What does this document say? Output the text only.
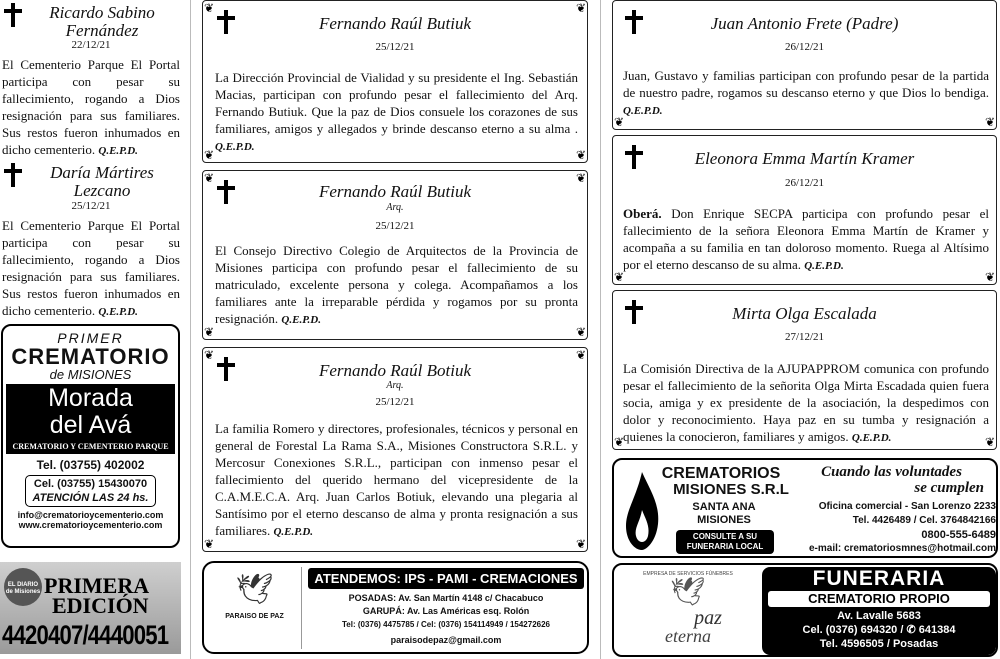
Ricardo Sabino
Fernández
22/12/21
El Cementerio Parque El Portal participa con pesar su fallecimiento, rogando a Dios resignación para sus familiares. Sus restos fueron inhumados en dicho cementerio. Q.E.P.D.
Daría Mártires
Lezcano
25/12/21
El Cementerio Parque El Portal participa con pesar su fallecimiento, rogando a Dios resignación para sus familiares. Sus restos fueron inhumados en dicho cementerio. Q.E.P.D.
PRIMER
CREMATORIO
de MISIONES
Morada
del Avá
CREMATORIO Y CEMENTERIO PARQUE
Tel. (03755) 402002
Cel. (03755) 15430070
ATENCIÓN LAS 24 hs.
info@crematorioycementerio.com
www.crematorioycementerio.com
EL DIARIO de Misiones PRIMERA
EDICIÓN
4420407/4440051
❦	❦
❦	❦
Fernando Raúl Butiuk
25/12/21
La Dirección Provincial de Vialidad y su presidente el Ing. Sebastián Macias, participan con profundo pesar el fallecimiento del Arq. Fernando Butiuk. Que la paz de Dios consuele los corazones de sus familiares, amigos y allegados y brinde descanso eterno a su alma . Q.E.P.D.
❦	❦
❦	❦
Fernando Raúl Butiuk
Arq.
25/12/21
El Consejo Directivo Colegio de Arquitectos de la Provincia de Misiones participa con profundo pesar el fallecimiento de su matriculado, excelente persona y colega. Acompañamos a los familiares ante la irreparable pérdida y rogamos por su pronta resignación. Q.E.P.D.
❦	❦
❦	❦
Fernando Raúl Botiuk
Arq.
25/12/21
La familia Romero y directores, profesionales, técnicos y personal en general de Forestal La Rama S.A., Misiones Constructora S.R.L. y Mercosur Conexiones S.R.L., participan con inmenso pesar el fallecimiento del querido hermano del vicepresidente de la C.A.M.E.C.A. Arq. Juan Carlos Botiuk, elevando una plegaria al Santísimo por el eterno descanso de alma y pronta resignación a sus familiares. Q.E.P.D.
🕊
PARAISO DE PAZ
ATENDEMOS: IPS - PAMI - CREMACIONES
POSADAS: Av. San Martín 4148 c/ Chacabuco
GARUPÁ: Av. Las Américas esq. Rolón
Tel: (0376) 4475785 / Cel: (0376) 154114949 / 154272626
paraisodepaz@gmail.com
❦	❦
Juan Antonio Frete (Padre)
26/12/21
Juan, Gustavo y familias participan con profundo pesar de la partida de nuestro padre, rogamos su descanso eterno y que Dios lo bendiga. Q.E.P.D.
❦	❦
Eleonora Emma Martín Kramer
26/12/21
Oberá. Don Enrique SECPA participa con profundo pesar el fallecimiento de la señora Eleonora Emma Martín de Kramer y acompaña a su familia en tan doloroso momento. Ruega al Altísimo por el eterno descanso de su alma. Q.E.P.D.
❦	❦
Mirta Olga Escalada
27/12/21
La Comisión Directiva de la AJUPAPPROM comunica con profundo pesar el fallecimiento de la señorita Olga Mirta Escadada quien fuera socia, amiga y ex presidente de la asociación, la despedimos con dolor y reconocimiento. Haya paz en su tumba y resignación a quienes la conocieron, familiares y amigos. Q.E.P.D.
CREMATORIOS
MISIONES S.R.L
SANTA ANA
MISIONES
CONSULTE A SU
FUNERARIA LOCAL
Cuando las voluntades
se cumplen
Oficina comercial - San Lorenzo 2233
Tel. 4426489 / Cel. 3764842166
0800-555-6489
e-mail: crematoriosmnes@hotmail.com
EMPRESA DE SERVICIOS FÚNEBRES
🕊
paz
eterna
FUNERARIA
CREMATORIO PROPIO
Av. Lavalle 5683
Cel. (0376) 694320 / ✆ 641384
Tel. 4596505 / Posadas
